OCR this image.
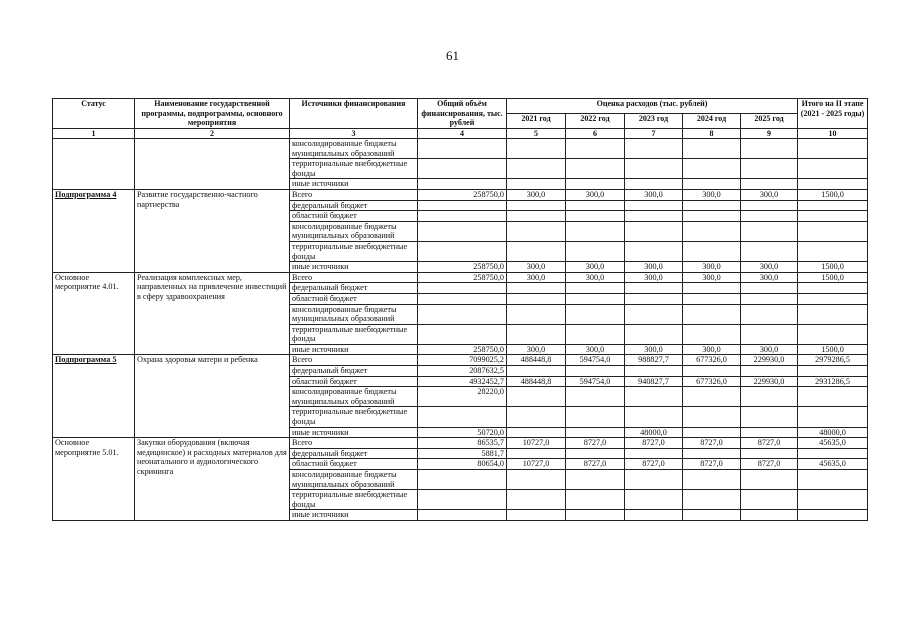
61
Статус	Наименование государственной программы, подпрограммы, основного мероприятия	Источники финансирования	Общий объём финансирования, тыс. рублей	Оценка расходов (тыс. рублей)					Итого на II этапе (2021 - 2025 годы)
				2021 год	2022 год	2023 год	2024 год	2025 год	
1	2	3	4	5	6	7	8	9	10
		консолидированные бюджеты муниципальных образований							
		территориальные внебюджетные фонды							
		иные источники							
Подпрограмма 4	Развитие государственно-частного партнерства	Всего	258750,0	300,0	300,0	300,0	300,0	300,0	1500,0
		федеральный бюджет							
		областной бюджет							
		консолидированные бюджеты муниципальных образований							
		территориальные внебюджетные фонды							
		иные источники	258750,0	300,0	300,0	300,0	300,0	300,0	1500,0
Основное мероприятие 4.01.	Реализация комплексных мер, направленных на привлечение инвестиций в сферу здравоохранения	Всего	258750,0	300,0	300,0	300,0	300,0	300,0	1500,0
		федеральный бюджет							
		областной бюджет							
		консолидированные бюджеты муниципальных образований							
		территориальные внебюджетные фонды							
		иные источники	258750,0	300,0	300,0	300,0	300,0	300,0	1500,0
Подпрограмма 5	Охрана здоровья матери и ребенка	Всего	7099025,2	488448,8	594754,0	988827,7	677326,0	229930,0	2979286,5
		федеральный бюджет	2087632,5						
		областной бюджет	4932452,7	488448,8	594754,0	940827,7	677326,0	229930,0	2931286,5
		консолидированные бюджеты муниципальных образований	28220,0						
		территориальные внебюджетные фонды							
		иные источники	50720,0			48000,0			48000,0
Основное мероприятие 5.01.	Закупки оборудования (включая медицинское) и расходных материалов для неонатального и аудиологического скрининга	Всего	86535,7	10727,0	8727,0	8727,0	8727,0	8727,0	45635,0
		федеральный бюджет	5881,7						
		областной бюджет	80654,0	10727,0	8727,0	8727,0	8727,0	8727,0	45635,0
		консолидированные бюджеты муниципальных образований							
		территориальные внебюджетные фонды							
		иные источники							
